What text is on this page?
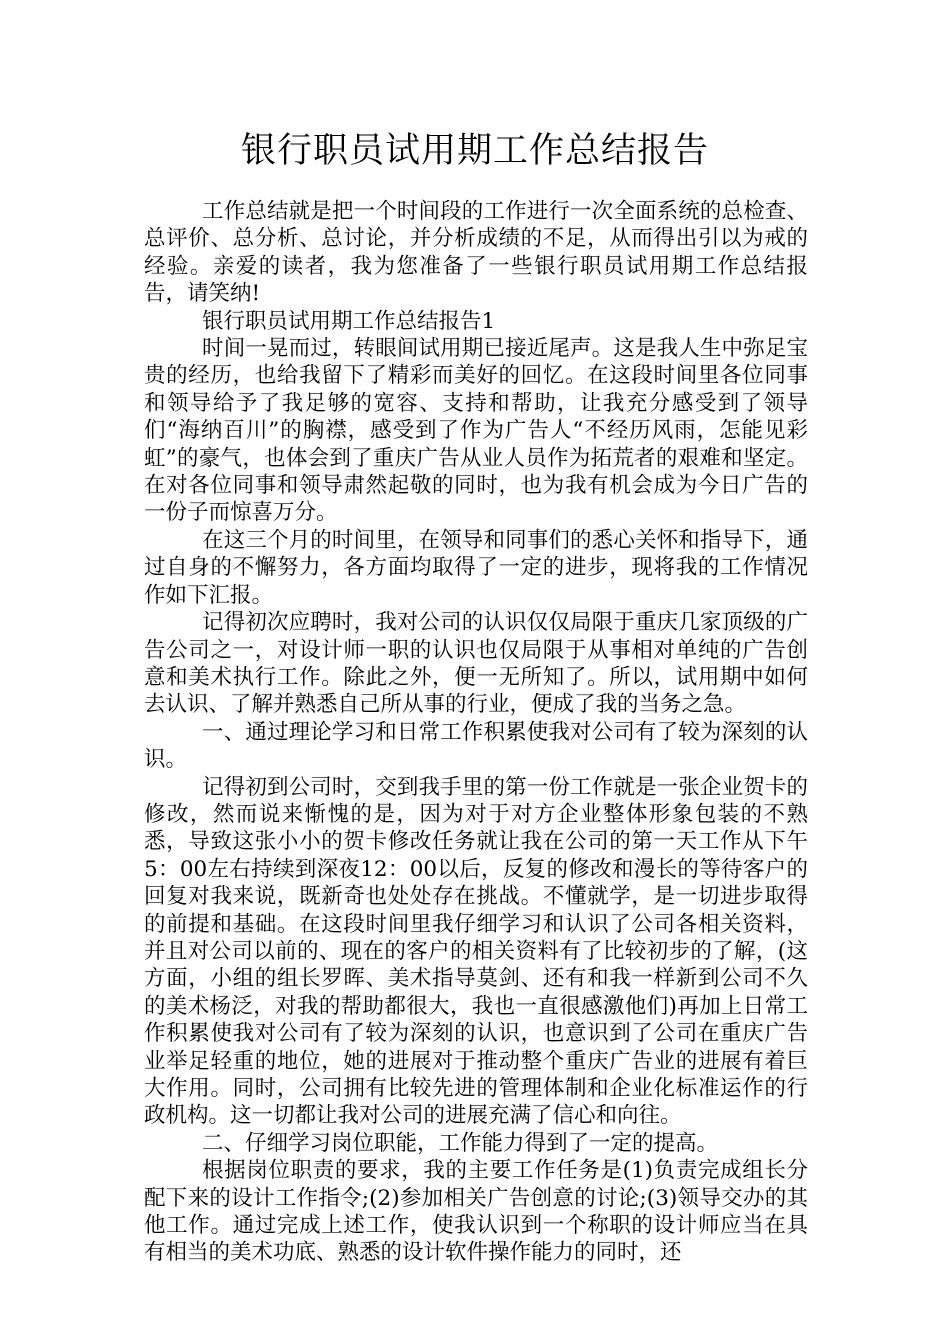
银行职员试用期工作总结报告

工作总结就是把一个时间段的工作进行一次全面系统的总检查、总评价、总分析、总讨论，并分析成绩的不足，从而得出引以为戒的经验。亲爱的读者，我为您准备了一些银行职员试用期工作总结报告，请笑纳!

银行职员试用期工作总结报告1

时间一晃而过，转眼间试用期已接近尾声。这是我人生中弥足宝贵的经历，也给我留下了精彩而美好的回忆。在这段时间里各位同事和领导给予了我足够的宽容、支持和帮助，让我充分感受到了领导们“海纳百川”的胸襟，感受到了作为广告人“不经历风雨，怎能见彩虹”的豪气，也体会到了重庆广告从业人员作为拓荒者的艰难和坚定。在对各位同事和领导肃然起敬的同时，也为我有机会成为今日广告的一份子而惊喜万分。

在这三个月的时间里，在领导和同事们的悉心关怀和指导下，通过自身的不懈努力，各方面均取得了一定的进步，现将我的工作情况作如下汇报。

记得初次应聘时，我对公司的认识仅仅局限于重庆几家顶级的广告公司之一，对设计师一职的认识也仅局限于从事相对单纯的广告创意和美术执行工作。除此之外，便一无所知了。所以，试用期中如何去认识、了解并熟悉自己所从事的行业，便成了我的当务之急。

一、通过理论学习和日常工作积累使我对公司有了较为深刻的认识。

记得初到公司时，交到我手里的第一份工作就是一张企业贺卡的修改，然而说来惭愧的是，因为对于对方企业整体形象包装的不熟悉，导致这张小小的贺卡修改任务就让我在公司的第一天工作从下午5：00左右持续到深夜12：00以后，反复的修改和漫长的等待客户的回复对我来说，既新奇也处处存在挑战。不懂就学，是一切进步取得的前提和基础。在这段时间里我仔细学习和认识了公司各相关资料，并且对公司以前的、现在的客户的相关资料有了比较初步的了解，(这方面，小组的组长罗晖、美术指导莫剑、还有和我一样新到公司不久的美术杨泛，对我的帮助都很大，我也一直很感激他们)再加上日常工作积累使我对公司有了较为深刻的认识，也意识到了公司在重庆广告业举足轻重的地位，她的进展对于推动整个重庆广告业的进展有着巨大作用。同时，公司拥有比较先进的管理体制和企业化标准运作的行政机构。这一切都让我对公司的进展充满了信心和向往。

二、仔细学习岗位职能，工作能力得到了一定的提高。

根据岗位职责的要求，我的主要工作任务是(1)负责完成组长分配下来的设计工作指令;(2)参加相关广告创意的讨论;(3)领导交办的其他工作。通过完成上述工作，使我认识到一个称职的设计师应当在具有相当的美术功底、熟悉的设计软件操作能力的同时，还
